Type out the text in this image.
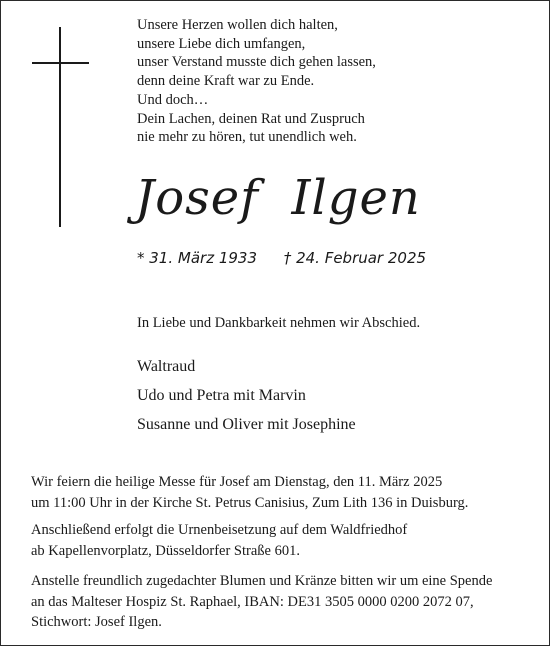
Unsere Herzen wollen dich halten,
unsere Liebe dich umfangen,
unser Verstand musste dich gehen lassen,
denn deine Kraft war zu Ende.
Und doch…
Dein Lachen, deinen Rat und Zuspruch
nie mehr zu hören, tut unendlich weh.
Josef  Ilgen
* 31. März 1933 † 24. Februar 2025
In Liebe und Dankbarkeit nehmen wir Abschied.
Waltraud
Udo und Petra mit Marvin
Susanne und Oliver mit Josephine
Wir feiern die heilige Messe für Josef am Dienstag, den 11. März 2025
um 11:00 Uhr in der Kirche St. Petrus Canisius, Zum Lith 136 in Duisburg.
Anschließend erfolgt die Urnenbeisetzung auf dem Waldfriedhof
ab Kapellenvorplatz, Düsseldorfer Straße 601.
Anstelle freundlich zugedachter Blumen und Kränze bitten wir um eine Spende
an das Malteser Hospiz St. Raphael, IBAN: DE31 3505 0000 0200 2072 07,
Stichwort: Josef Ilgen.
